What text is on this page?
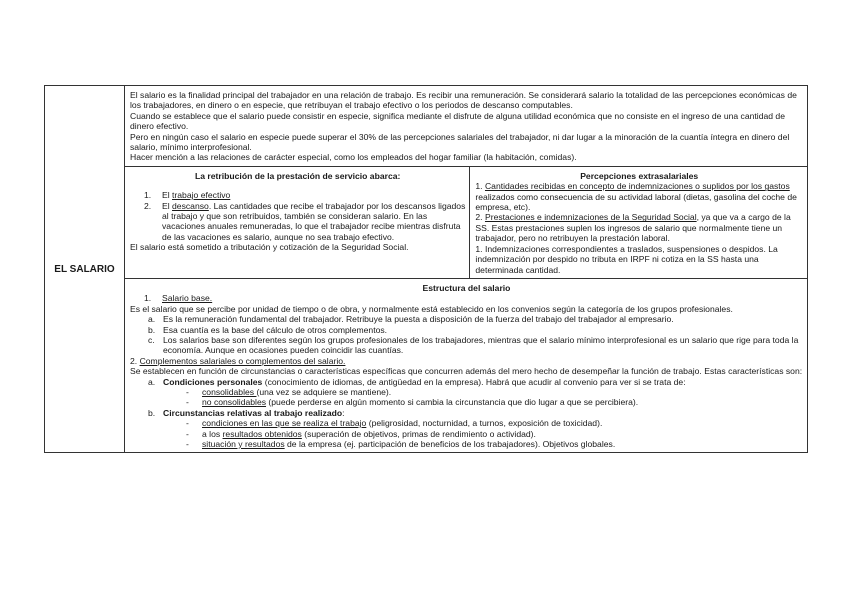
EL SALARIO	

El salario es la finalidad principal del trabajador en una relación de trabajo. Es recibir una remuneración. Se considerará salario la totalidad de las percepciones económicas de los trabajadores, en dinero o en especie, que retribuyan el trabajo efectivo o los periodos de descanso computables.

Cuando se establece que el salario puede consistir en especie, significa mediante el disfrute de alguna utilidad económica que no consiste en el ingreso de una cantidad de dinero efectivo.

Pero en ningún caso el salario en especie puede superar el 30% de las percepciones salariales del trabajador, ni dar lugar a la minoración de la cuantía íntegra en dinero del salario, mínimo interprofesional.

Hacer mención a las relaciones de carácter especial, como los empleados del hogar familiar (la habitación, comidas).

La retribución de la prestación de servicio abarca:

1. El trabajo efectivo
2. El descanso. Las cantidades que recibe el trabajador por los descansos ligados al trabajo y que son retribuidos, también se consideran salario. En las vacaciones anuales remuneradas, lo que el trabajador recibe mientras disfruta de las vacaciones es salario, aunque no sea trabajo efectivo.

El salario está sometido a tributación y cotización de la Seguridad Social.

Percepciones extrasalariales

1. Cantidades recibidas en concepto de indemnizaciones o suplidos por los gastos realizados como consecuencia de su actividad laboral (dietas, gasolina del coche de empresa, etc).

2. Prestaciones e indemnizaciones de la Seguridad Social, ya que va a cargo de la SS. Estas prestaciones suplen los ingresos de salario que normalmente tiene un trabajador, pero no retribuyen la prestación laboral.

1. Indemnizaciones correspondientes a traslados, suspensiones o despidos. La indemnización por despido no tributa en IRPF ni cotiza en la SS hasta una determinada cantidad.

Estructura del salario

1. Salario base.

Es el salario que se percibe por unidad de tiempo o de obra, y normalmente está establecido en los convenios según la categoría de los grupos profesionales.

a. Es la remuneración fundamental del trabajador. Retribuye la puesta a disposición de la fuerza del trabajo del trabajador al empresario.
b. Esa cuantía es la base del cálculo de otros complementos.
c. Los salarios base son diferentes según los grupos profesionales de los trabajadores, mientras que el salario mínimo interprofesional es un salario que rige para toda la economía. Aunque en ocasiones pueden coincidir las cuantías.

2. Complementos salariales o complementos del salario.

Se establecen en función de circunstancias o características específicas que concurren además del mero hecho de desempeñar la función de trabajo. Estas características son:

a. Condiciones personales (conocimiento de idiomas, de antigüedad en la empresa). Habrá que acudir al convenio para ver si se trata de:
- consolidables (una vez se adquiere se mantiene).
- no consolidables (puede perderse en algún momento si cambia la circunstancia que dio lugar a que se percibiera).
b. Circunstancias relativas al trabajo realizado:
- condiciones en las que se realiza el trabajo (peligrosidad, nocturnidad, a turnos, exposición de toxicidad).
- a los resultados obtenidos (superación de objetivos, primas de rendimiento o actividad).
- situación y resultados de la empresa (ej. participación de beneficios de los trabajadores). Objetivos globales.
